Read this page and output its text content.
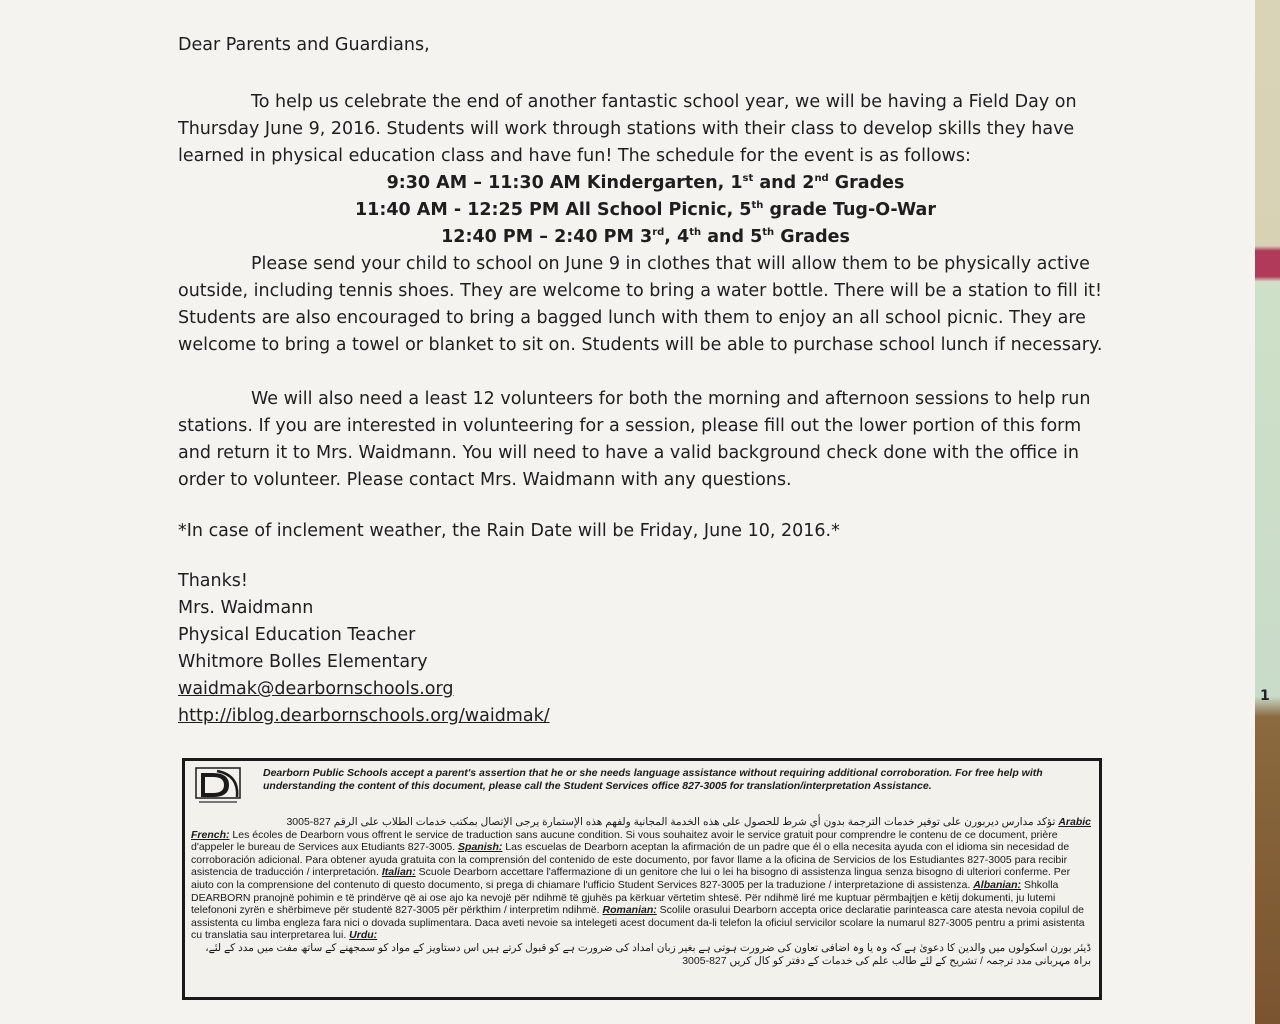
Dear Parents and Guardians,

To help us celebrate the end of another fantastic school year, we will be having a Field Day on Thursday June 9, 2016. Students will work through stations with their class to develop skills they have learned in physical education class and have fun! The schedule for the event is as follows:

9:30 AM – 11:30 AM Kindergarten, 1st and 2nd Grades

11:40 AM - 12:25 PM All School Picnic, 5th grade Tug-O-War

12:40 PM – 2:40 PM 3rd, 4th and 5th Grades

Please send your child to school on June 9 in clothes that will allow them to be physically active outside, including tennis shoes. They are welcome to bring a water bottle. There will be a station to fill it! Students are also encouraged to bring a bagged lunch with them to enjoy an all school picnic. They are welcome to bring a towel or blanket to sit on. Students will be able to purchase school lunch if necessary.

We will also need a least 12 volunteers for both the morning and afternoon sessions to help run stations. If you are interested in volunteering for a session, please fill out the lower portion of this form and return it to Mrs. Waidmann. You will need to have a valid background check done with the office in order to volunteer. Please contact Mrs. Waidmann with any questions.

*In case of inclement weather, the Rain Date will be Friday, June 10, 2016.*

Thanks!
Mrs. Waidmann
Physical Education Teacher
Whitmore Bolles Elementary
waidmak@dearbornschools.org
http://iblog.dearbornschools.org/waidmak/

Dearborn Public Schools accept a parent's assertion that he or she needs language assistance without requiring additional corroboration. For free help with understanding the content of this document, please call the Student Services office 827-3005 for translation/interpretation Assistance.

Arabic تؤكد مدارس ديربورن على توفير خدمات الترجمة بدون أي شرط للحصول على هذه الخدمة المجانية ولفهم هذه الإستمارة يرجى الإتصال بمكتب خدمات الطلاب على الرقم 827-3005
French: Les écoles de Dearborn vous offrent le service de traduction sans aucune condition. Si vous souhaitez avoir le service gratuit pour comprendre le contenu de ce document, prière d'appeler le bureau de Services aux Etudiants 827-3005. Spanish: Las escuelas de Dearborn aceptan la afirmación de un padre que él o ella necesita ayuda con el idioma sin necesidad de corroboración adicional. Para obtener ayuda gratuita con la comprensión del contenido de este documento, por favor llame a la oficina de Servicios de los Estudiantes 827-3005 para recibir asistencia de traducción / interpretación. Italian: Scuole Dearborn accettare l'affermazione di un genitore che lui o lei ha bisogno di assistenza lingua senza bisogno di ulteriori conferme. Per aiuto con la comprensione del contenuto di questo documento, si prega di chiamare l'ufficio Student Services 827-3005 per la traduzione / interpretazione di assistenza. Albanian: Shkolla DEARBORN pranojnë pohimin e të prindërve që ai ose ajo ka nevojë për ndihmë të gjuhës pa kërkuar vërtetim shtesë. Për ndihmë liré me kuptuar përmbajtjen e këtij dokumenti, ju lutemi telefononi zyrën e shërbimeve për studentë 827-3005 për përkthim / interpretim ndihmë. Romanian: Scolile orasului Dearborn accepta orice declaratie parinteasca care atesta nevoia copilul de assistenta cu limba engleza fara nici o dovada suplimentara. Daca aveti nevoie sa intelegeti acest document da-li telefon la oficiul servicilor scolare la numarul 827-3005 pentru a primi asistenta cu translatia sau interpretarea lui. Urdu:
ڈیئر بورن اسکولوں میں والدین کا دعویٰ ہے کہ وہ یا وہ اضافی تعاون کی ضرورت ہوتی ہے بغیر زبان امداد کی ضرورت ہے کو قبول کرتے ہیں اس دستاویز کے مواد کو سمجھنے کے ساتھ مفت میں مدد کے لئے، براہ مہربانی مدد ترجمہ / تشریح کے لئے طالب علم کی خدمات کے دفتر کو کال کریں 827-3005
1
